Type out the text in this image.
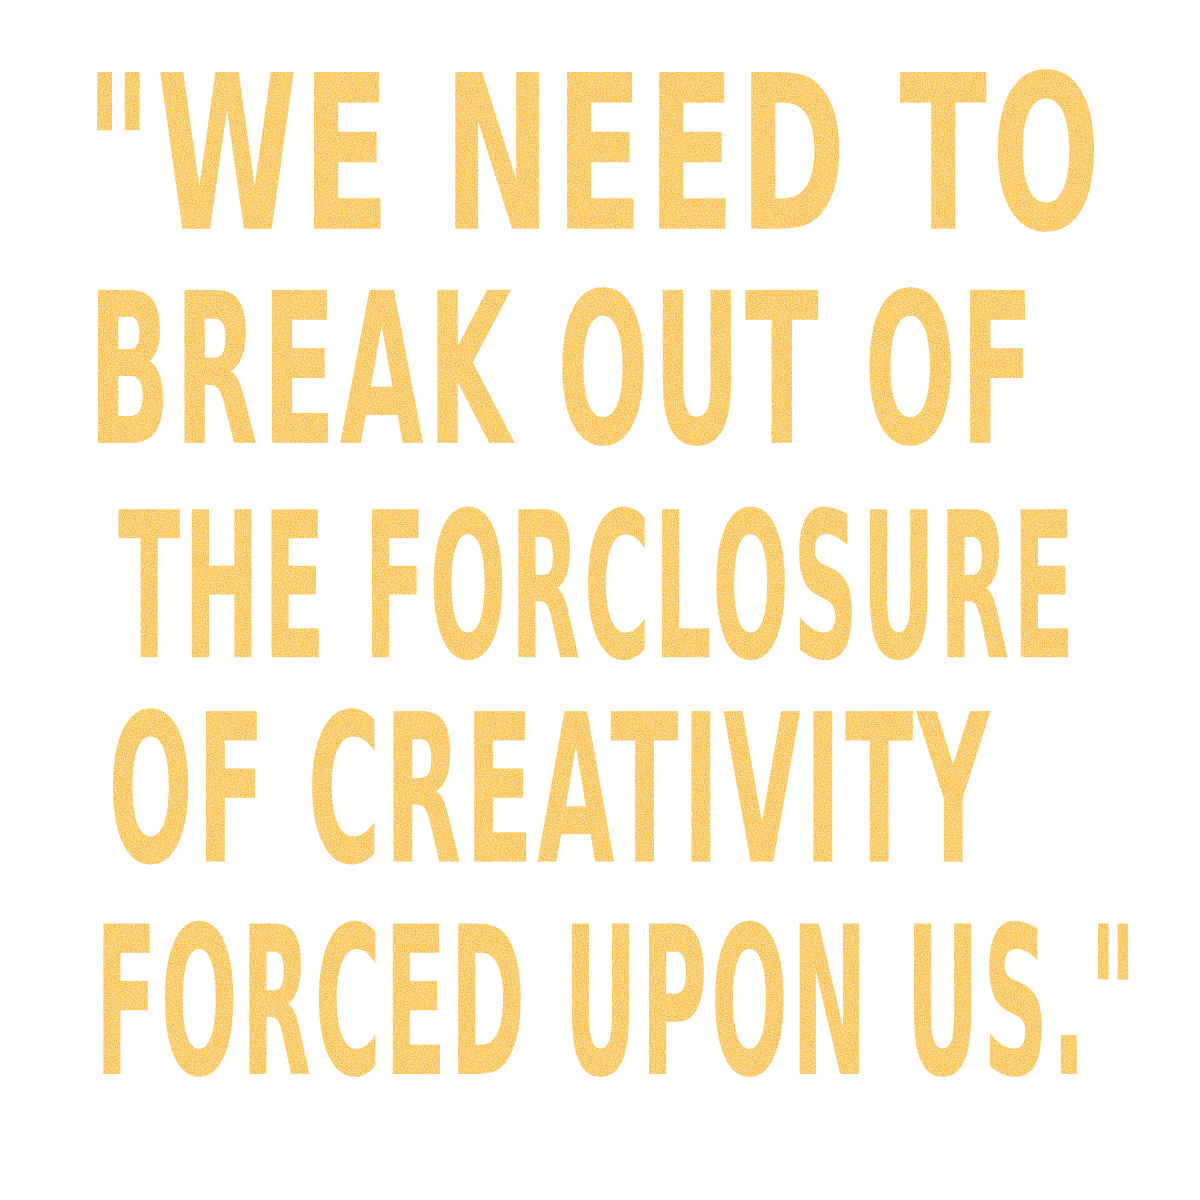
"WE NEED TO
BREAK OUT OF
THE FORCLOSURE
OF CREATIVITY
FORCED UPON US."
